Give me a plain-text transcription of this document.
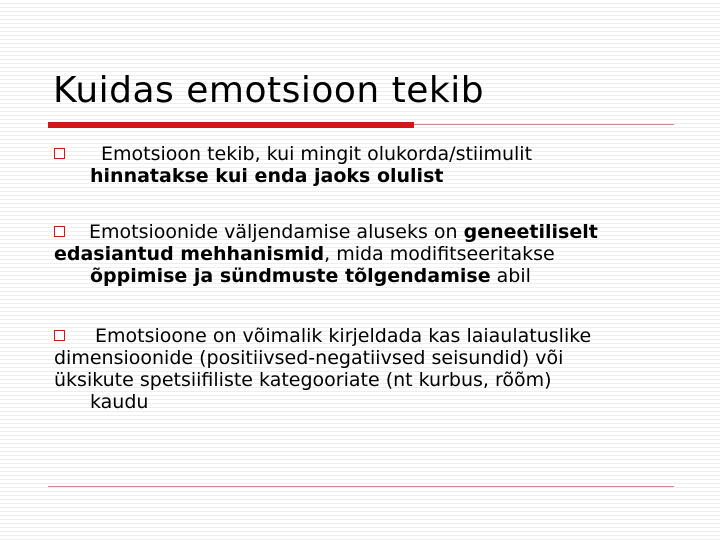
Kuidas emotsioon tekib
Emotsioon tekib, kui mingit olukorda/stiimulit
hinnatakse kui enda jaoks olulist
Emotsioonide väljendamise aluseks on geneetiliselt
edasiantud mehhanismid, mida modifitseeritakse
õppimise ja sündmuste tõlgendamise abil
Emotsioone on võimalik kirjeldada kas laiaulatuslike
dimensioonide (positiivsed-negatiivsed seisundid) või
üksikute spetsiifiliste kategooriate (nt kurbus, rõõm)
kaudu
